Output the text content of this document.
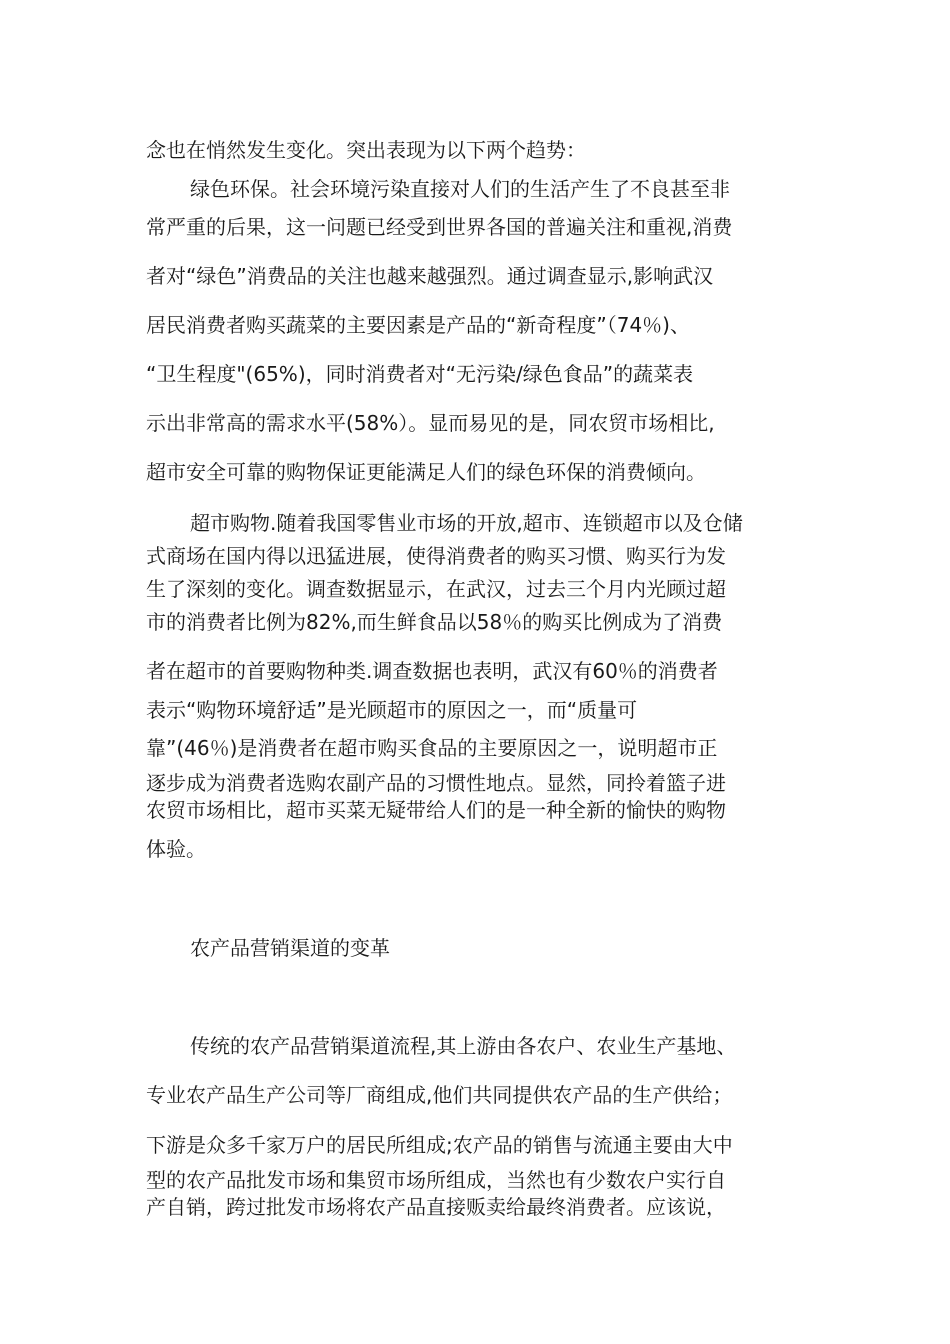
念也在悄然发生变化。突出表现为以下两个趋势：

绿色环保。社会环境污染直接对人们的生活产生了不良甚至非

常严重的后果，这一问题已经受到世界各国的普遍关注和重视,消费

者对“绿色”消费品的关注也越来越强烈。通过调查显示,影响武汉

居民消费者购买蔬菜的主要因素是产品的“新奇程度”（74％)、

“卫生程度"(65%)，同时消费者对“无污染/绿色食品”的蔬菜表

示出非常高的需求水平(58%）。显而易见的是，同农贸市场相比,

超市安全可靠的购物保证更能满足人们的绿色环保的消费倾向。

超市购物.随着我国零售业市场的开放,超市、连锁超市以及仓储

式商场在国内得以迅猛进展，使得消费者的购买习惯、购买行为发

生了深刻的变化。调查数据显示，在武汉，过去三个月内光顾过超

市的消费者比例为82%,而生鲜食品以58％的购买比例成为了消费

者在超市的首要购物种类.调查数据也表明，武汉有60％的消费者

表示“购物环境舒适”是光顾超市的原因之一，而“质量可

靠”(46％)是消费者在超市购买食品的主要原因之一，说明超市正

逐步成为消费者选购农副产品的习惯性地点。显然，同拎着篮子进

农贸市场相比，超市买菜无疑带给人们的是一种全新的愉快的购物

体验。

农产品营销渠道的变革

传统的农产品营销渠道流程,其上游由各农户、农业生产基地、

专业农产品生产公司等厂商组成,他们共同提供农产品的生产供给；

下游是众多千家万户的居民所组成;农产品的销售与流通主要由大中

型的农产品批发市场和集贸市场所组成，当然也有少数农户实行自

产自销，跨过批发市场将农产品直接贩卖给最终消费者。应该说，
